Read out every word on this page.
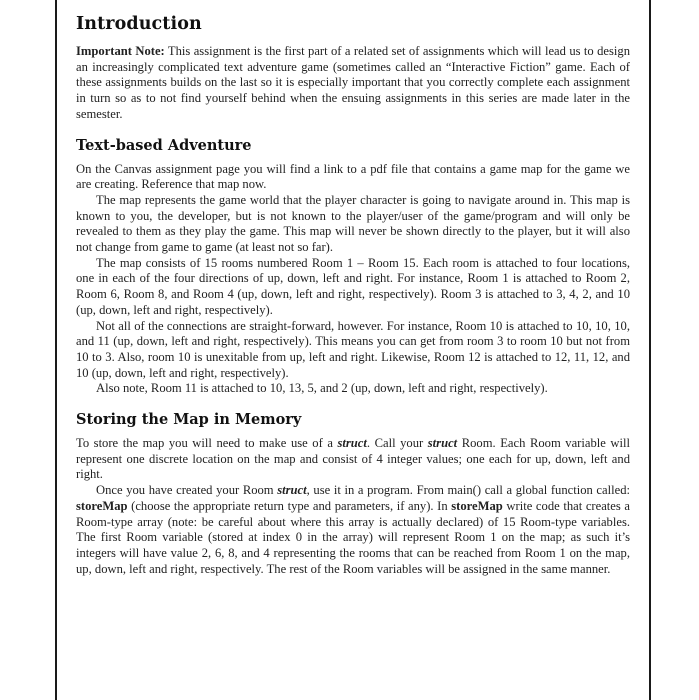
Introduction

Important Note: This assignment is the first part of a related set of assignments which will lead us to design an increasingly complicated text adventure game (sometimes called an “Interactive Fiction” game. Each of these assignments builds on the last so it is especially important that you correctly complete each assignment in turn so as to not find yourself behind when the ensuing assignments in this series are made later in the semester.

Text-based Adventure

On the Canvas assignment page you will find a link to a pdf file that contains a game map for the game we are creating. Reference that map now.

The map represents the game world that the player character is going to navigate around in. This map is known to you, the developer, but is not known to the player/user of the game/program and will only be revealed to them as they play the game. This map will never be shown directly to the player, but it will also not change from game to game (at least not so far).

The map consists of 15 rooms numbered Room 1 – Room 15. Each room is attached to four locations, one in each of the four directions of up, down, left and right. For instance, Room 1 is attached to Room 2, Room 6, Room 8, and Room 4 (up, down, left and right, respectively). Room 3 is attached to 3, 4, 2, and 10 (up, down, left and right, respectively).

Not all of the connections are straight-forward, however. For instance, Room 10 is attached to 10, 10, 10, and 11 (up, down, left and right, respectively). This means you can get from room 3 to room 10 but not from 10 to 3. Also, room 10 is unexitable from up, left and right. Likewise, Room 12 is attached to 12, 11, 12, and 10 (up, down, left and right, respectively).

Also note, Room 11 is attached to 10, 13, 5, and 2 (up, down, left and right, respectively).

Storing the Map in Memory

To store the map you will need to make use of a struct. Call your struct Room. Each Room variable will represent one discrete location on the map and consist of 4 integer values; one each for up, down, left and right.

Once you have created your Room struct, use it in a program. From main() call a global function called: storeMap (choose the appropriate return type and parameters, if any). In storeMap write code that creates a Room-type array (note: be careful about where this array is actually declared) of 15 Room-type variables. The first Room variable (stored at index 0 in the array) will represent Room 1 on the map; as such it’s integers will have value 2, 6, 8, and 4 representing the rooms that can be reached from Room 1 on the map, up, down, left and right, respectively. The rest of the Room variables will be assigned in the same manner.
